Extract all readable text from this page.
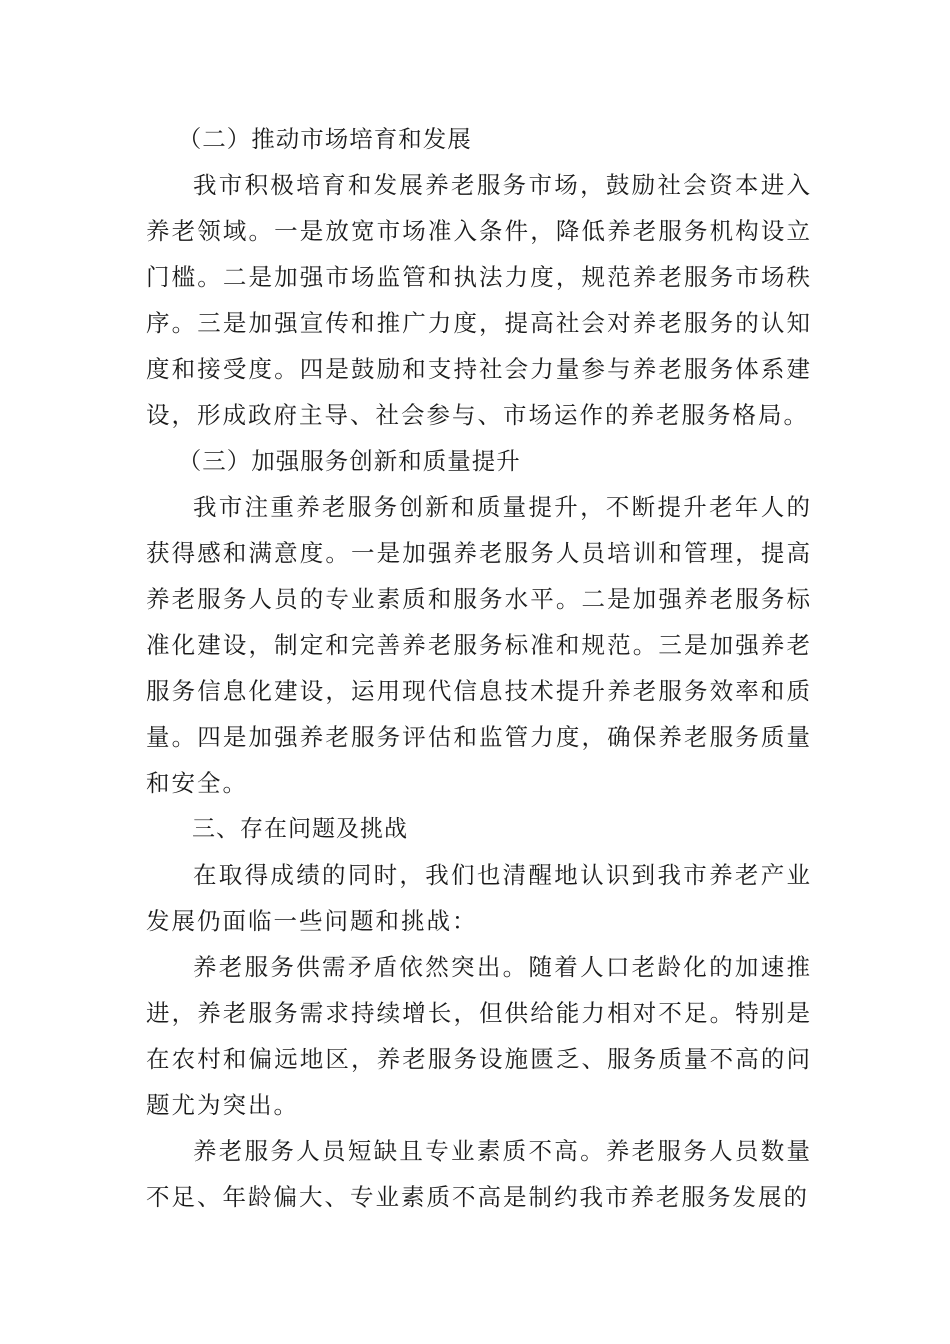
（二）推动市场培育和发展

我市积极培育和发展养老服务市场，鼓励社会资本进入养老领域。一是放宽市场准入条件，降低养老服务机构设立门槛。二是加强市场监管和执法力度，规范养老服务市场秩序。三是加强宣传和推广力度，提高社会对养老服务的认知度和接受度。四是鼓励和支持社会力量参与养老服务体系建设，形成政府主导、社会参与、市场运作的养老服务格局。

（三）加强服务创新和质量提升

我市注重养老服务创新和质量提升，不断提升老年人的获得感和满意度。一是加强养老服务人员培训和管理，提高养老服务人员的专业素质和服务水平。二是加强养老服务标准化建设，制定和完善养老服务标准和规范。三是加强养老服务信息化建设，运用现代信息技术提升养老服务效率和质量。四是加强养老服务评估和监管力度，确保养老服务质量和安全。

三、存在问题及挑战

在取得成绩的同时，我们也清醒地认识到我市养老产业发展仍面临一些问题和挑战：

养老服务供需矛盾依然突出。随着人口老龄化的加速推进，养老服务需求持续增长，但供给能力相对不足。特别是在农村和偏远地区，养老服务设施匮乏、服务质量不高的问题尤为突出。

养老服务人员短缺且专业素质不高。养老服务人员数量不足、年龄偏大、专业素质不高是制约我市养老服务发展的
